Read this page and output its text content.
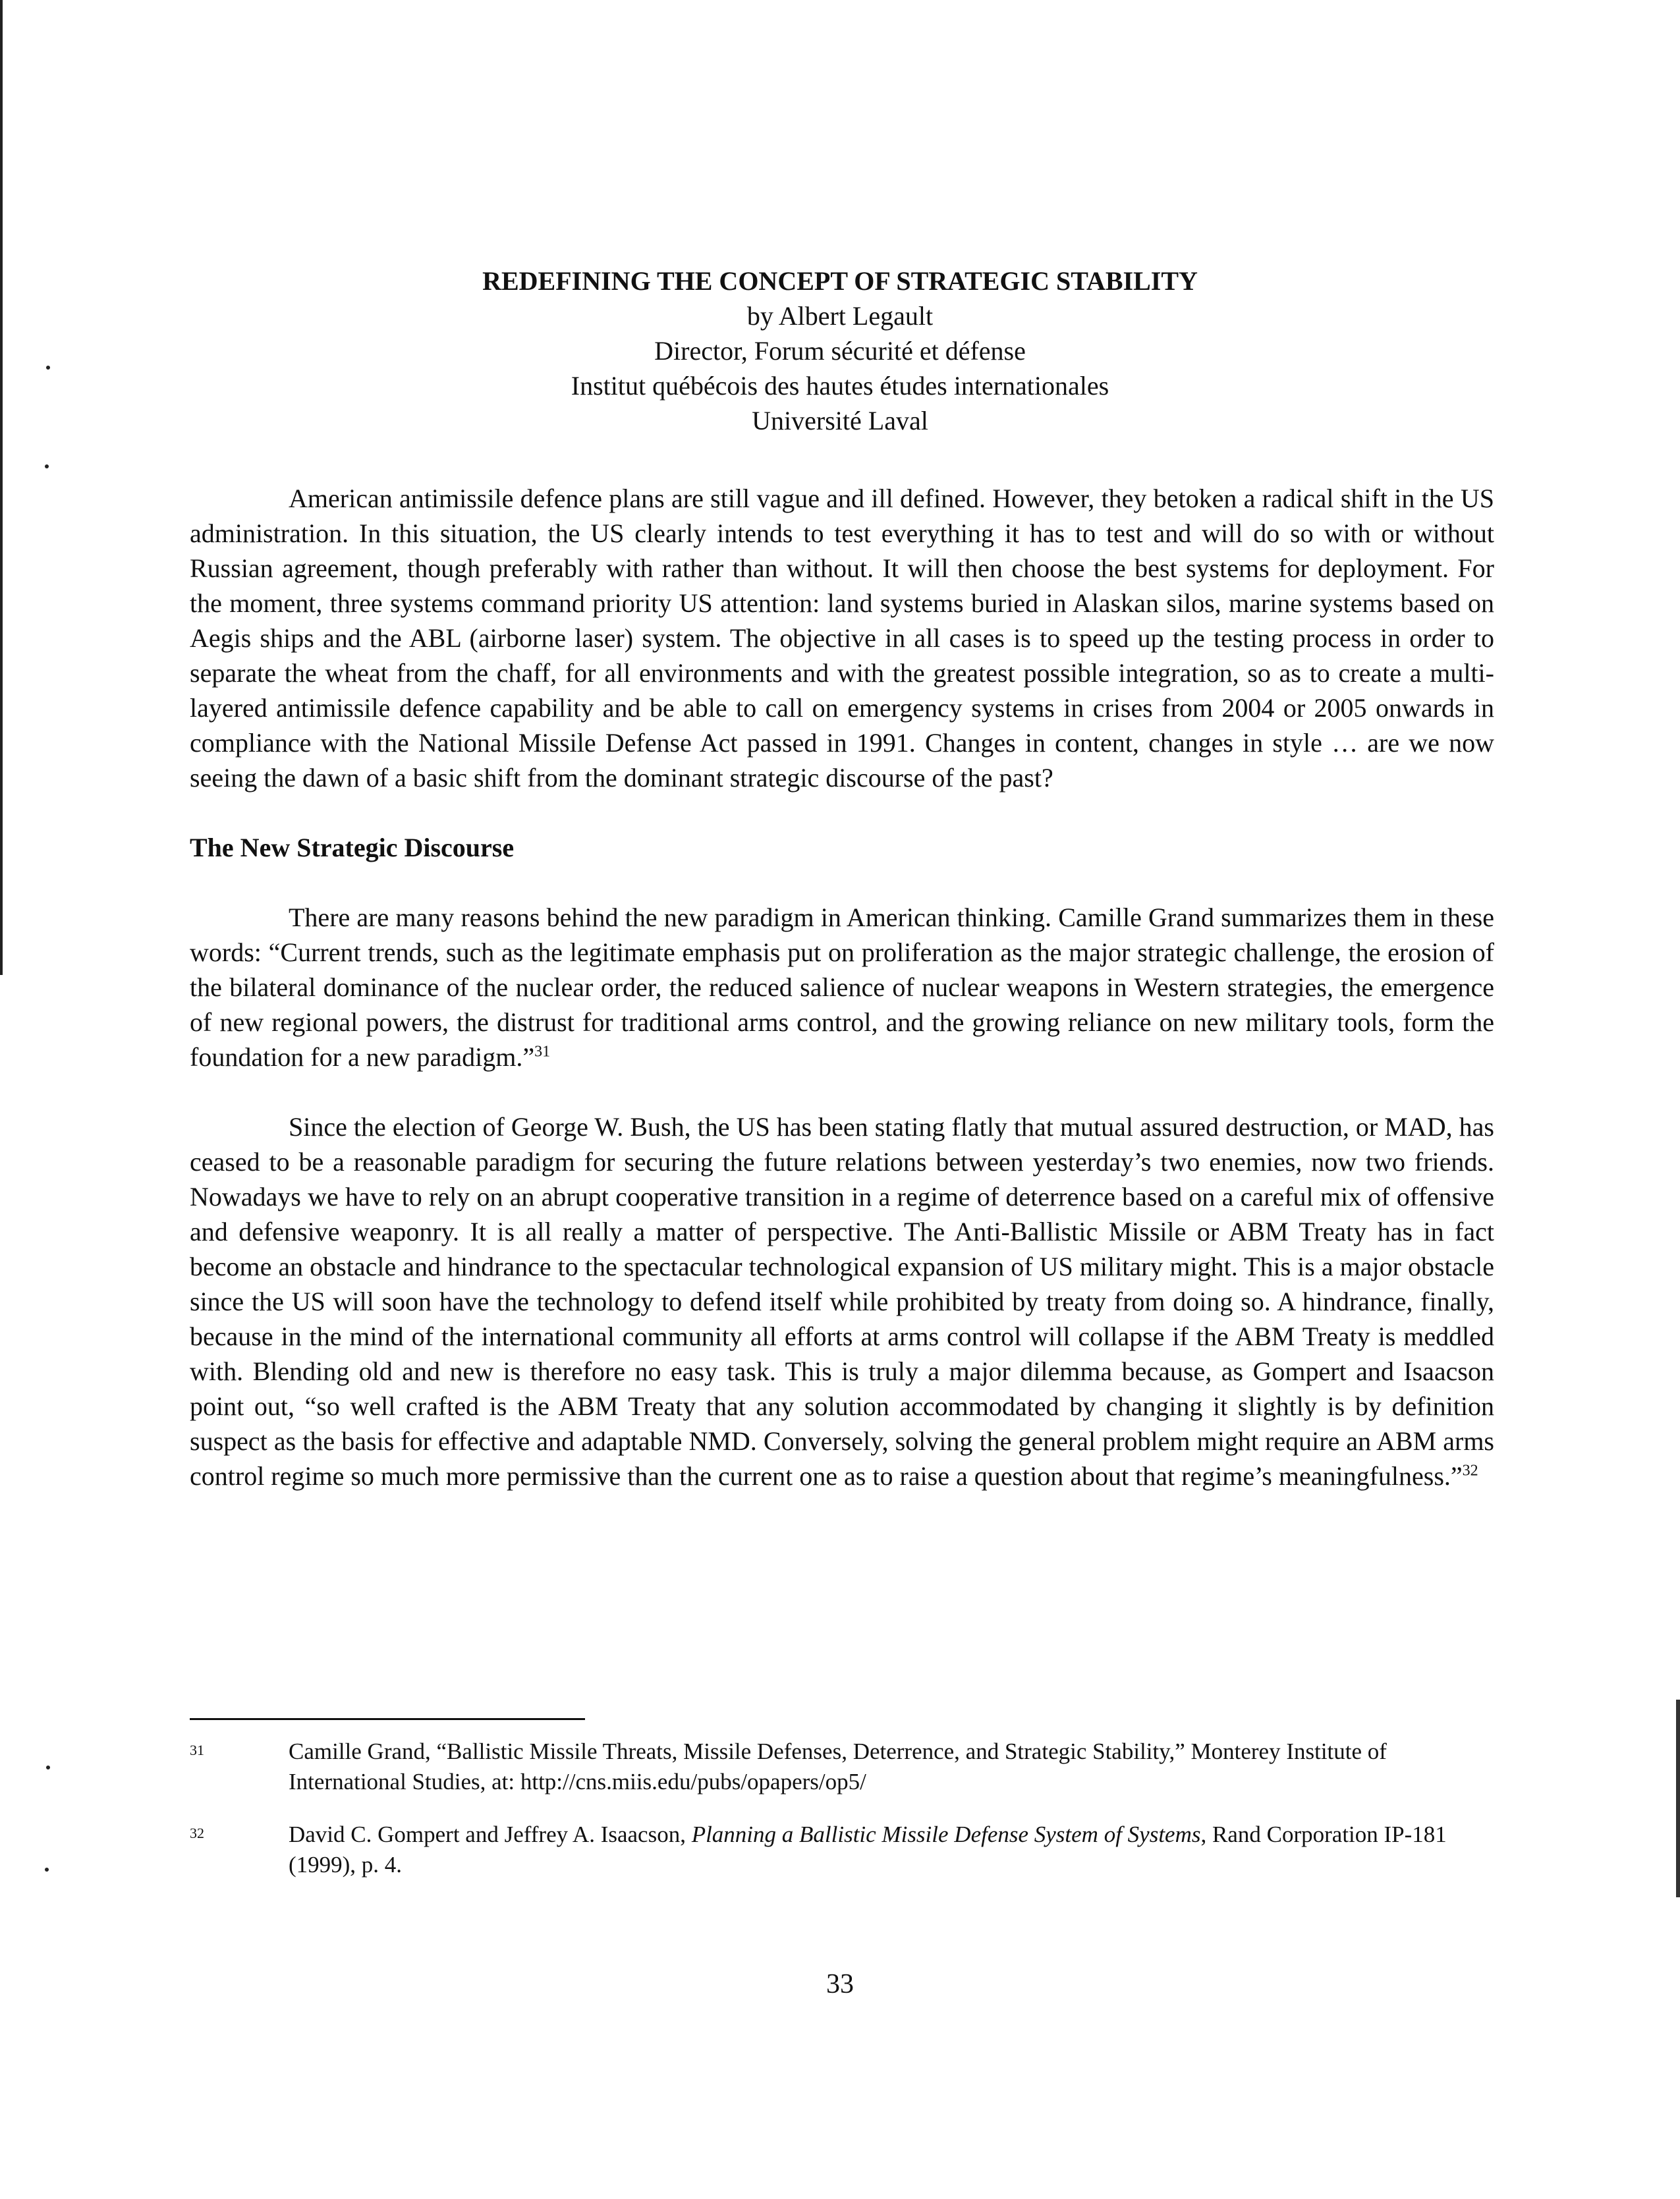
REDEFINING THE CONCEPT OF STRATEGIC STABILITY
by Albert Legault
Director, Forum sécurité et défense
Institut québécois des hautes études internationales
Université Laval

American antimissile defence plans are still vague and ill defined. However, they betoken a radical shift in the US administration. In this situation, the US clearly intends to test everything it has to test and will do so with or without Russian agreement, though preferably with rather than without. It will then choose the best systems for deployment. For the moment, three systems command priority US attention: land systems buried in Alaskan silos, marine systems based on Aegis ships and the ABL (airborne laser) system. The objective in all cases is to speed up the testing process in order to separate the wheat from the chaff, for all environments and with the greatest possible integration, so as to create a multi-layered antimissile defence capability and be able to call on emergency systems in crises from 2004 or 2005 onwards in compliance with the National Missile Defense Act passed in 1991. Changes in content, changes in style … are we now seeing the dawn of a basic shift from the dominant strategic discourse of the past?

The New Strategic Discourse

There are many reasons behind the new paradigm in American thinking. Camille Grand summarizes them in these words: “Current trends, such as the legitimate emphasis put on proliferation as the major strategic challenge, the erosion of the bilateral dominance of the nuclear order, the reduced salience of nuclear weapons in Western strategies, the emergence of new regional powers, the distrust for traditional arms control, and the growing reliance on new military tools, form the foundation for a new paradigm.”$^{31}$

Since the election of George W. Bush, the US has been stating flatly that mutual assured destruction, or MAD, has ceased to be a reasonable paradigm for securing the future relations between yesterday’s two enemies, now two friends. Nowadays we have to rely on an abrupt cooperative transition in a regime of deterrence based on a careful mix of offensive and defensive weaponry. It is all really a matter of perspective. The Anti-Ballistic Missile or ABM Treaty has in fact become an obstacle and hindrance to the spectacular technological expansion of US military might. This is a major obstacle since the US will soon have the technology to defend itself while prohibited by treaty from doing so. A hindrance, finally, because in the mind of the international community all efforts at arms control will collapse if the ABM Treaty is meddled with. Blending old and new is therefore no easy task. This is truly a major dilemma because, as Gompert and Isaacson point out, “so well crafted is the ABM Treaty that any solution accommodated by changing it slightly is by definition suspect as the basis for effective and adaptable NMD. Conversely, solving the general problem might require an ABM arms control regime so much more permissive than the current one as to raise a question about that regime’s meaningfulness.”$^{32}$

31	Camille Grand, “Ballistic Missile Threats, Missile Defenses, Deterrence, and Strategic Stability,” Monterey Institute of International Studies, at: http://cns.miis.edu/pubs/opapers/op5/
32	David C. Gompert and Jeffrey A. Isaacson, Planning a Ballistic Missile Defense System of Systems, Rand Corporation IP-181 (1999), p. 4.
33
